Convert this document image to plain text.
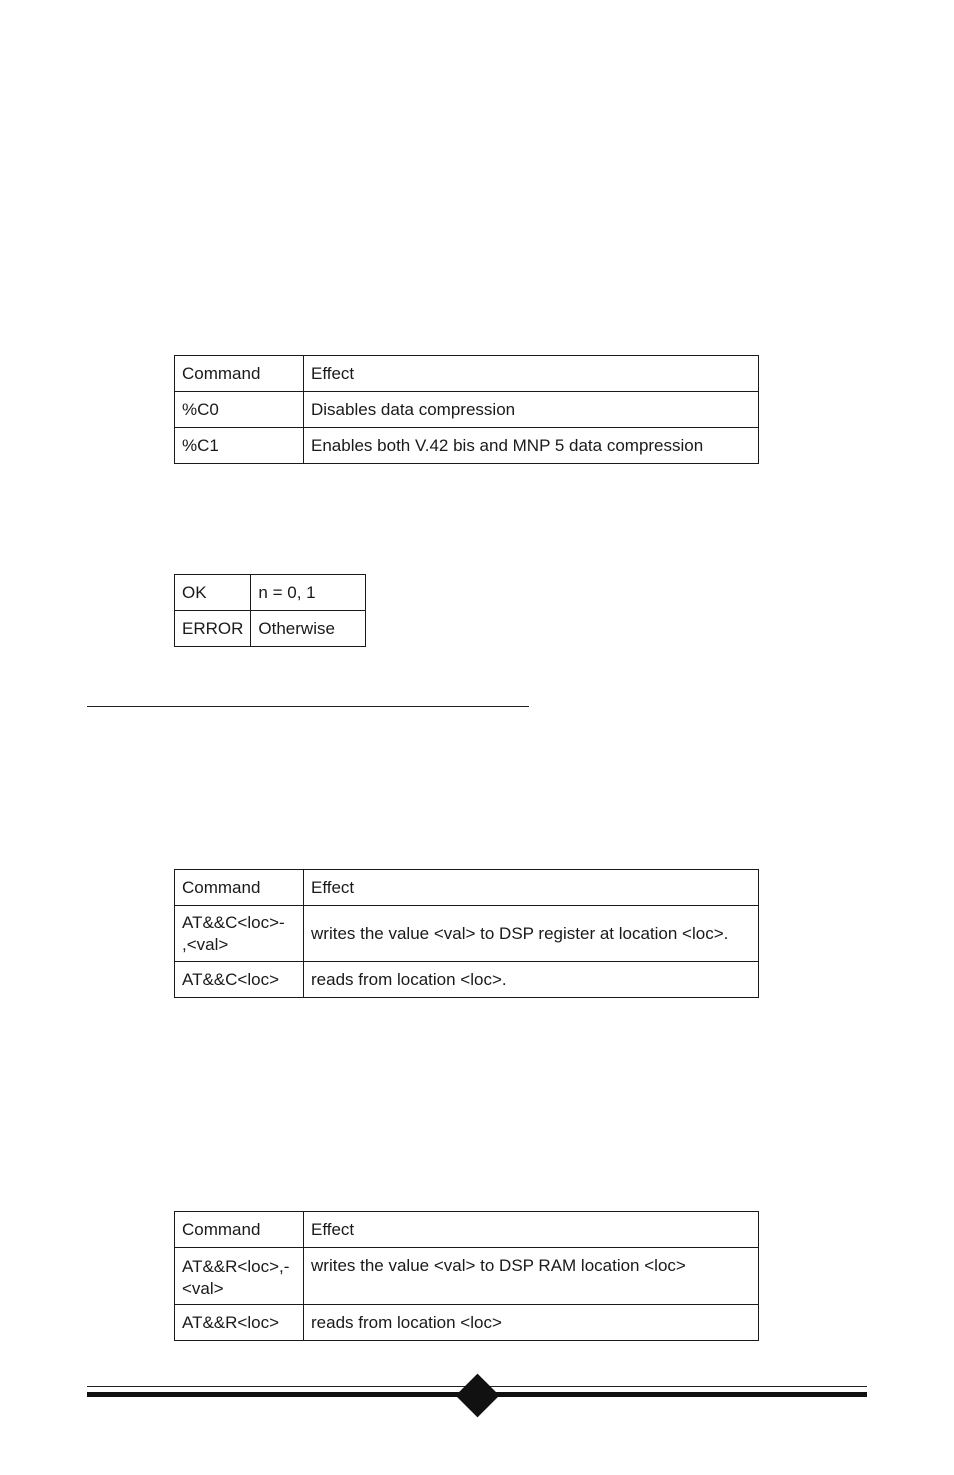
Command	Effect
%C0	Disables data compression
%C1	Enables both V.42 bis and MNP 5 data compression
OK	n = 0, 1
ERROR	Otherwise
Command	Effect
AT&&C<loc>-
,<val>	writes the value <val> to DSP register at location <loc>.
AT&&C<loc>	reads from location <loc>.
Command	Effect
AT&&R<loc>,-
<val>	writes the value <val> to DSP RAM location <loc>
AT&&R<loc>	reads from location <loc>
